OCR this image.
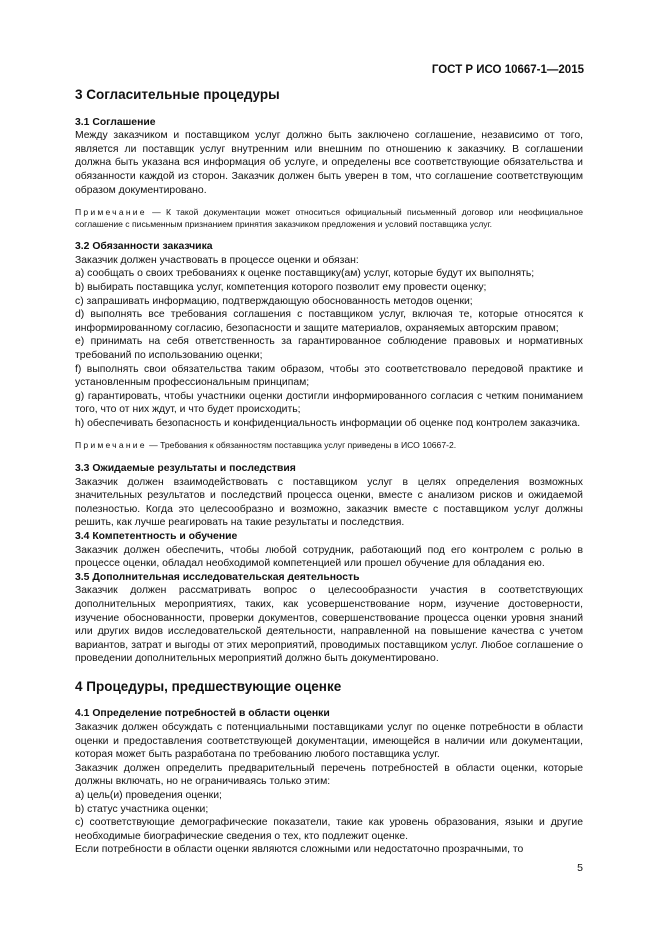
ГОСТ Р ИСО 10667-1—2015
3 Согласительные процедуры

3.1 Соглашение

Между заказчиком и поставщиком услуг должно быть заключено соглашение, независимо от того, является ли поставщик услуг внутренним или внешним по отношению к заказчику. В соглашении должна быть указана вся информация об услуге, и определены все соответствующие обязательства и обязанности каждой из сторон. Заказчик должен быть уверен в том, что соглашение соответствующим образом документировано.

Примечание — К такой документации может относиться официальный письменный договор или неофициальное соглашение с письменным признанием принятия заказчиком предложения и условий поставщика услуг.

3.2 Обязанности заказчика

Заказчик должен участвовать в процессе оценки и обязан:

а) сообщать о своих требованиях к оценке поставщику(ам) услуг, которые будут их выполнять;

b) выбирать поставщика услуг, компетенция которого позволит ему провести оценку;

c) запрашивать информацию, подтверждающую обоснованность методов оценки;

d) выполнять все требования соглашения с поставщиком услуг, включая те, которые относятся к информированному согласию, безопасности и защите материалов, охраняемых авторским правом;

e) принимать на себя ответственность за гарантированное соблюдение правовых и нормативных требований по использованию оценки;

f) выполнять свои обязательства таким образом, чтобы это соответствовало передовой практике и установленным профессиональным принципам;

g) гарантировать, чтобы участники оценки достигли информированного согласия с четким пониманием того, что от них ждут, и что будет происходить;

h) обеспечивать безопасность и конфиденциальность информации об оценке под контролем заказчика.

Примечание — Требования к обязанностям поставщика услуг приведены в ИСО 10667-2.

3.3 Ожидаемые результаты и последствия

Заказчик должен взаимодействовать с поставщиком услуг в целях определения возможных значительных результатов и последствий процесса оценки, вместе с анализом рисков и ожидаемой полезностью. Когда это целесообразно и возможно, заказчик вместе с поставщиком услуг должны решить, как лучше реагировать на такие результаты и последствия.

3.4 Компетентность и обучение

Заказчик должен обеспечить, чтобы любой сотрудник, работающий под его контролем с ролью в процессе оценки, обладал необходимой компетенцией или прошел обучение для обладания ею.

3.5 Дополнительная исследовательская деятельность

Заказчик должен рассматривать вопрос о целесообразности участия в соответствующих дополнительных мероприятиях, таких, как усовершенствование норм, изучение достоверности, изучение обоснованности, проверки документов, совершенствование процесса оценки уровня знаний или других видов исследовательской деятельности, направленной на повышение качества с учетом вариантов, затрат и выгоды от этих мероприятий, проводимых поставщиком услуг. Любое соглашение о проведении дополнительных мероприятий должно быть документировано.

4 Процедуры, предшествующие оценке

4.1 Определение потребностей в области оценки

Заказчик должен обсуждать с потенциальными поставщиками услуг по оценке потребности в области оценки и предоставления соответствующей документации, имеющейся в наличии или документации, которая может быть разработана по требованию любого поставщика услуг.

Заказчик должен определить предварительный перечень потребностей в области оценки, которые должны включать, но не ограничиваясь только этим:

а) цель(и) проведения оценки;

b) статус участника оценки;

c) соответствующие демографические показатели, такие как уровень образования, языки и другие необходимые биографические сведения о тех, кто подлежит оценке.

Если потребности в области оценки являются сложными или недостаточно прозрачными, то

5
